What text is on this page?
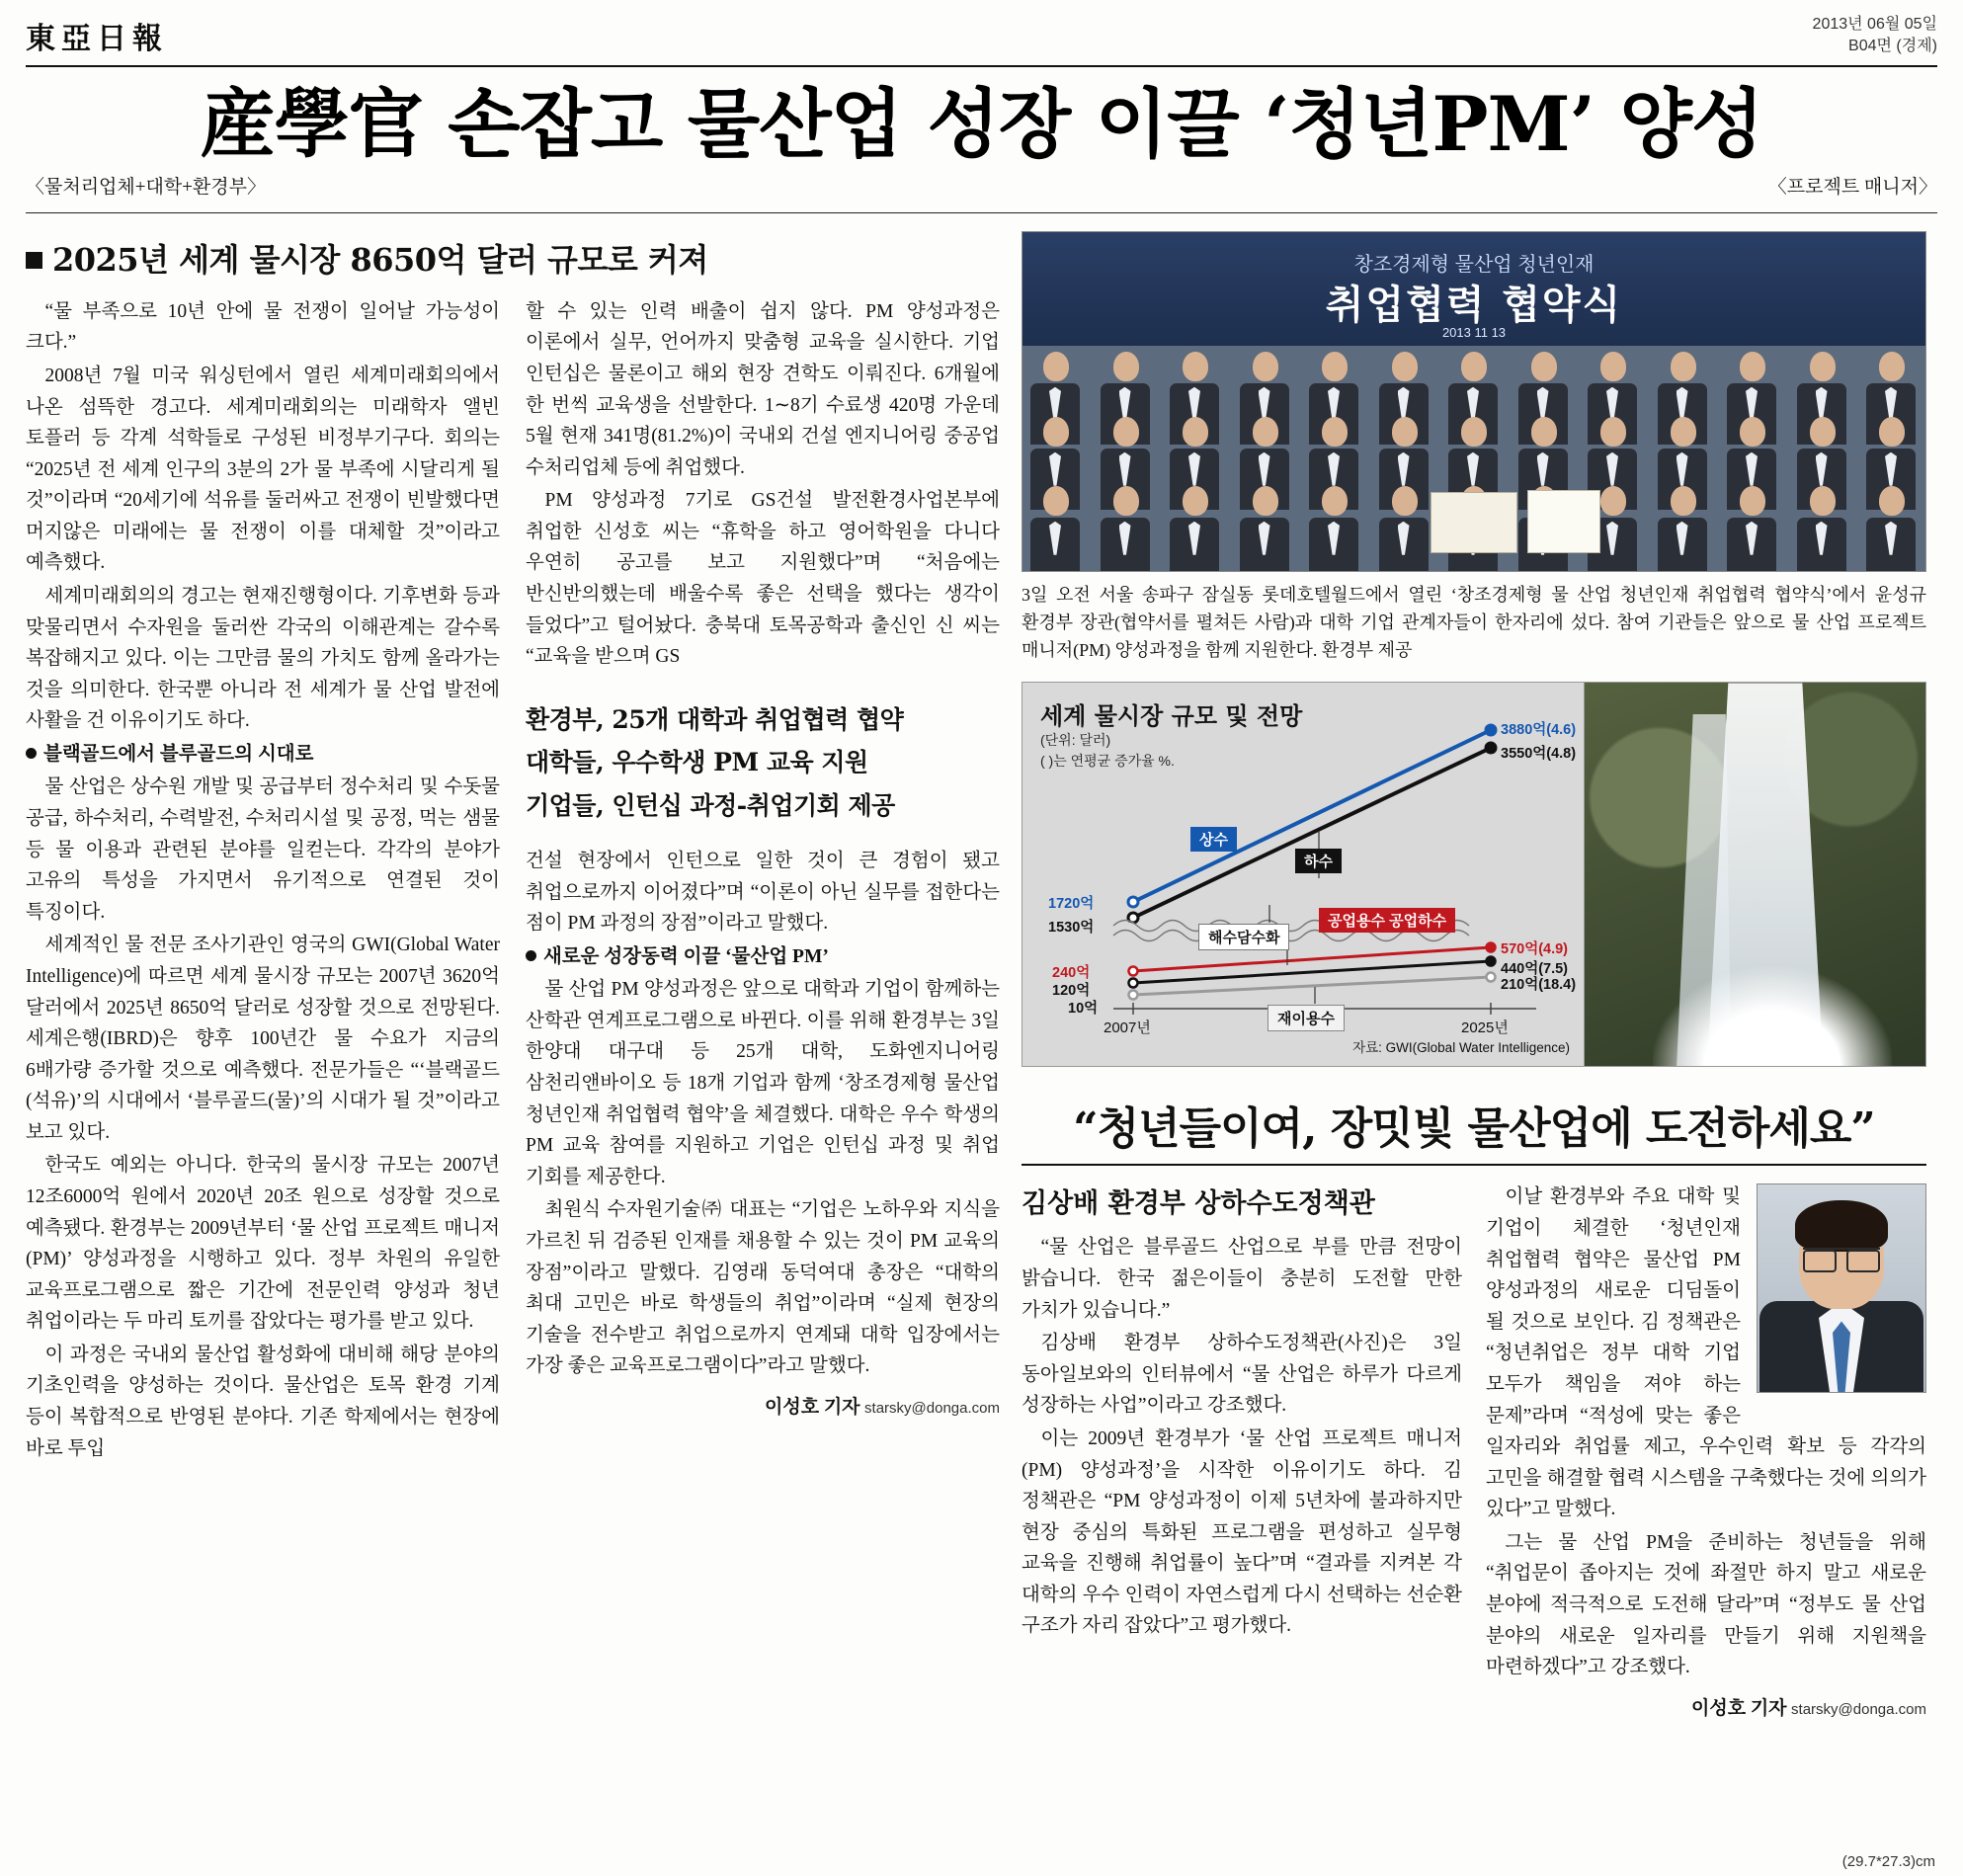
東亞日報	2013년 06월 05일
B04면 (경제)
産學官 손잡고 물산업 성장 이끌 ‘청년PM’ 양성
〈물처리업체+대학+환경부〉	〈프로젝트 매니저〉
2025년 세계 물시장 8650억 달러 규모로 커져

“물 부족으로 10년 안에 물 전쟁이 일어날 가능성이 크다.”

2008년 7월 미국 워싱턴에서 열린 세계미래회의에서 나온 섬뜩한 경고다. 세계미래회의는 미래학자 앨빈 토플러 등 각계 석학들로 구성된 비정부기구다. 회의는 “2025년 전 세계 인구의 3분의 2가 물 부족에 시달리게 될 것”이라며 “20세기에 석유를 둘러싸고 전쟁이 빈발했다면 머지않은 미래에는 물 전쟁이 이를 대체할 것”이라고 예측했다.

세계미래회의의 경고는 현재진행형이다. 기후변화 등과 맞물리면서 수자원을 둘러싼 각국의 이해관계는 갈수록 복잡해지고 있다. 이는 그만큼 물의 가치도 함께 올라가는 것을 의미한다. 한국뿐 아니라 전 세계가 물 산업 발전에 사활을 건 이유이기도 하다.

블랙골드에서 블루골드의 시대로

물 산업은 상수원 개발 및 공급부터 정수처리 및 수돗물 공급, 하수처리, 수력발전, 수처리시설 및 공정, 먹는 샘물 등 물 이용과 관련된 분야를 일컫는다. 각각의 분야가 고유의 특성을 가지면서 유기적으로 연결된 것이 특징이다.

세계적인 물 전문 조사기관인 영국의 GWI(Global Water Intelligence)에 따르면 세계 물시장 규모는 2007년 3620억 달러에서 2025년 8650억 달러로 성장할 것으로 전망된다. 세계은행(IBRD)은 향후 100년간 물 수요가 지금의 6배가량 증가할 것으로 예측했다. 전문가들은 “‘블랙골드(석유)’의 시대에서 ‘블루골드(물)’의 시대가 될 것”이라고 보고 있다.

한국도 예외는 아니다. 한국의 물시장 규모는 2007년 12조6000억 원에서 2020년 20조 원으로 성장할 것으로 예측됐다. 환경부는 2009년부터 ‘물 산업 프로젝트 매니저(PM)’ 양성과정을 시행하고 있다. 정부 차원의 유일한 교육프로그램으로 짧은 기간에 전문인력 양성과 청년 취업이라는 두 마리 토끼를 잡았다는 평가를 받고 있다.

이 과정은 국내외 물산업 활성화에 대비해 해당 분야의 기초인력을 양성하는 것이다. 물산업은 토목 환경 기계 등이 복합적으로 반영된 분야다. 기존 학제에서는 현장에 바로 투입

할 수 있는 인력 배출이 쉽지 않다. PM 양성과정은 이론에서 실무, 언어까지 맞춤형 교육을 실시한다. 기업 인턴십은 물론이고 해외 현장 견학도 이뤄진다. 6개월에 한 번씩 교육생을 선발한다. 1∼8기 수료생 420명 가운데 5월 현재 341명(81.2%)이 국내외 건설 엔지니어링 중공업 수처리업체 등에 취업했다.

PM 양성과정 7기로 GS건설 발전환경사업본부에 취업한 신성호 씨는 “휴학을 하고 영어학원을 다니다 우연히 공고를 보고 지원했다”며 “처음에는 반신반의했는데 배울수록 좋은 선택을 했다는 생각이 들었다”고 털어놨다. 충북대 토목공학과 출신인 신 씨는 “교육을 받으며 GS

환경부, 25개 대학과 취업협력 협약
대학들, 우수학생 PM 교육 지원
기업들, 인턴십 과정-취업기회 제공

건설 현장에서 인턴으로 일한 것이 큰 경험이 됐고 취업으로까지 이어졌다”며 “이론이 아닌 실무를 접한다는 점이 PM 과정의 장점”이라고 말했다.

새로운 성장동력 이끌 ‘물산업 PM’

물 산업 PM 양성과정은 앞으로 대학과 기업이 함께하는 산학관 연계프로그램으로 바뀐다. 이를 위해 환경부는 3일 한양대 대구대 등 25개 대학, 도화엔지니어링 삼천리앤바이오 등 18개 기업과 함께 ‘창조경제형 물산업 청년인재 취업협력 협약’을 체결했다. 대학은 우수 학생의 PM 교육 참여를 지원하고 기업은 인턴십 과정 및 취업 기회를 제공한다.

최원식 수자원기술㈜ 대표는 “기업은 노하우와 지식을 가르친 뒤 검증된 인재를 채용할 수 있는 것이 PM 교육의 장점”이라고 말했다. 김영래 동덕여대 총장은 “대학의 최대 고민은 바로 학생들의 취업”이라며 “실제 현장의 기술을 전수받고 취업으로까지 연계돼 대학 입장에서는 가장 좋은 교육프로그램이다”라고 말했다.

이성호 기자 starsky@donga.com
창조경제형 물산업 청년인재
취업협력 협약식
2013 11 13
3일 오전 서울 송파구 잠실동 롯데호텔월드에서 열린 ‘창조경제형 물 산업 청년인재 취업협력 협약식’에서 윤성규 환경부 장관(협약서를 펼쳐든 사람)과 대학 기업 관계자들이 한자리에 섰다. 참여 기관들은 앞으로 물 산업 프로젝트 매니저(PM) 양성과정을 함께 지원한다. 환경부 제공
세계 물시장 규모 및 전망
(단위: 달러)
( )는 연평균 증가율 %.
상수
하수
공업용수 공업하수
해수담수화
재이용수
3880억(4.6)
3550억(4.8)
1720억
1530억
570억(4.9)
440억(7.5)
210억(18.4)
240억
120억
10억
2007년	2025년
자료: GWI(Global Water Intelligence)
“청년들이여, 장밋빛 물산업에 도전하세요”
김상배 환경부 상하수도정책관

“물 산업은 블루골드 산업으로 부를 만큼 전망이 밝습니다. 한국 젊은이들이 충분히 도전할 만한 가치가 있습니다.”

김상배 환경부 상하수도정책관(사진)은 3일 동아일보와의 인터뷰에서 “물 산업은 하루가 다르게 성장하는 사업”이라고 강조했다.

이는 2009년 환경부가 ‘물 산업 프로젝트 매니저(PM) 양성과정’을 시작한 이유이기도 하다. 김 정책관은 “PM 양성과정이 이제 5년차에 불과하지만 현장 중심의 특화된 프로그램을 편성하고 실무형 교육을 진행해 취업률이 높다”며 “결과를 지켜본 각 대학의 우수 인력이 자연스럽게 다시 선택하는 선순환 구조가 자리 잡았다”고 평가했다.

이날 환경부와 주요 대학 및 기업이 체결한 ‘청년인재 취업협력 협약은 물산업 PM 양성과정의 새로운 디딤돌이 될 것으로 보인다. 김 정책관은 “청년취업은 정부 대학 기업 모두가 책임을 져야 하는 문제”라며 “적성에 맞는 좋은 일자리와 취업률 제고, 우수인력 확보 등 각각의 고민을 해결할 협력 시스템을 구축했다는 것에 의의가 있다”고 말했다.

그는 물 산업 PM을 준비하는 청년들을 위해 “취업문이 좁아지는 것에 좌절만 하지 말고 새로운 분야에 적극적으로 도전해 달라”며 “정부도 물 산업 분야의 새로운 일자리를 만들기 위해 지원책을 마련하겠다”고 강조했다.

이성호 기자 starsky@donga.com
(29.7*27.3)cm
